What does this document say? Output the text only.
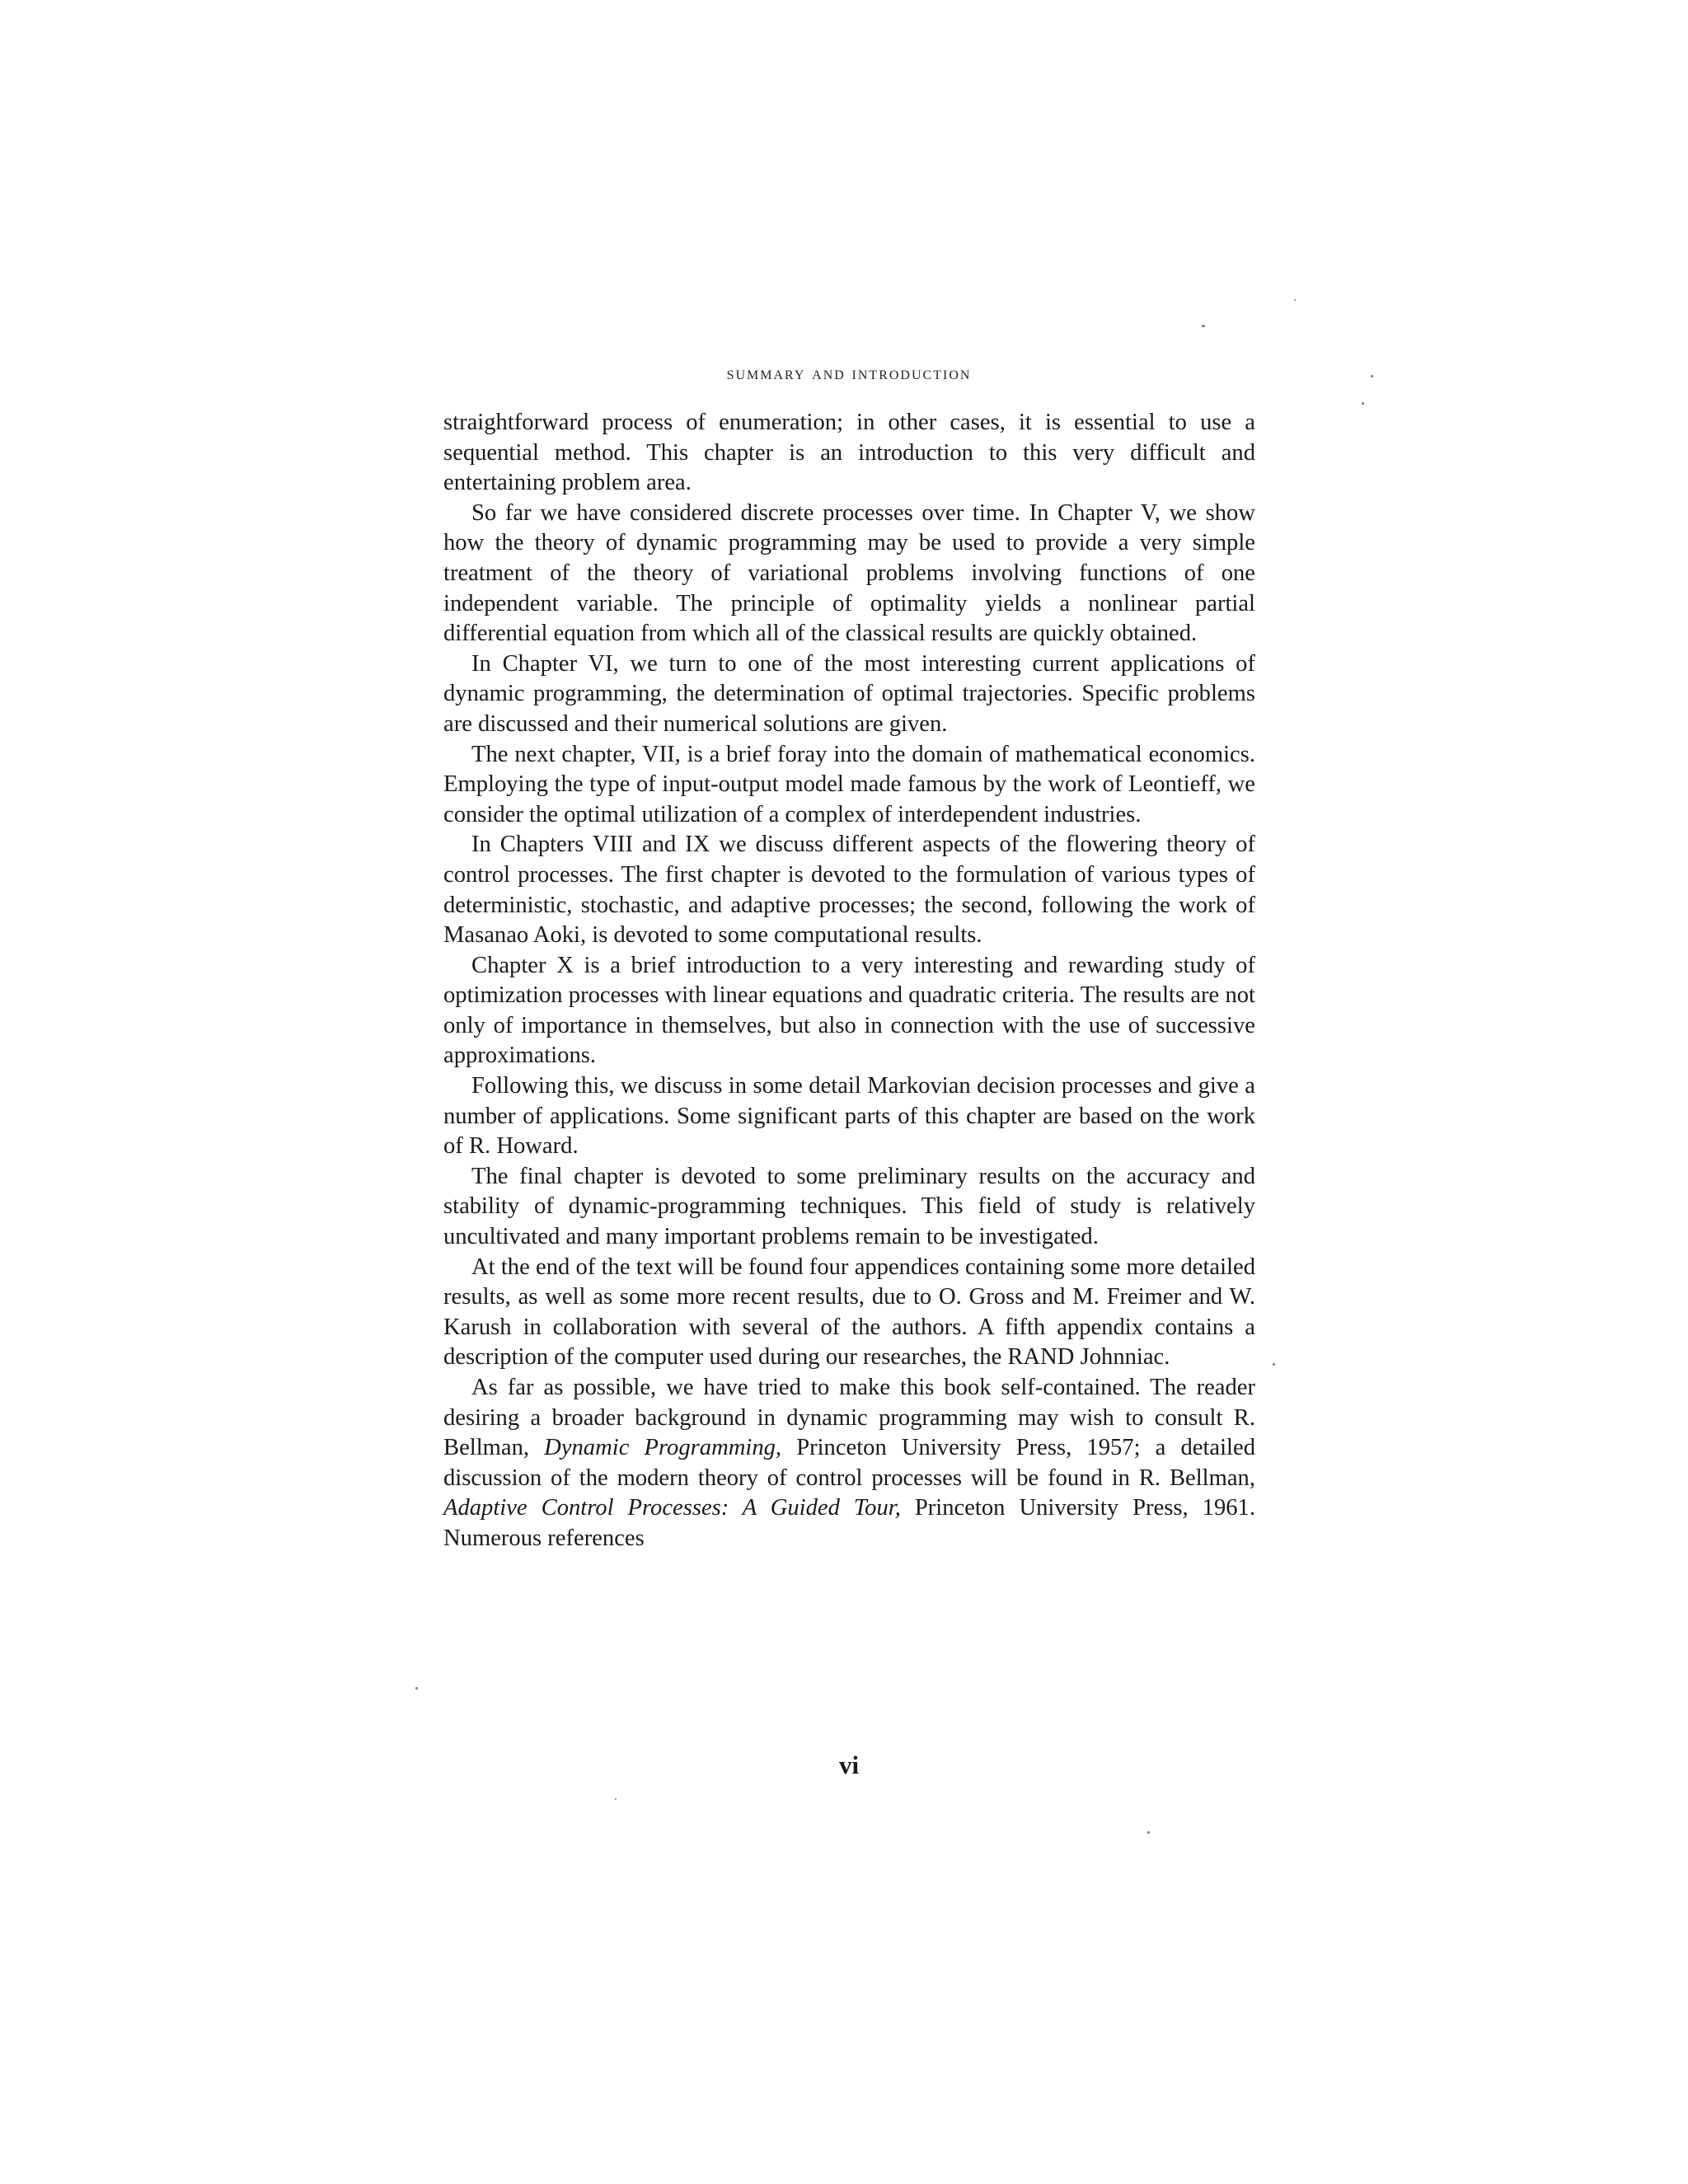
summary and introduction

straightforward process of enumeration; in other cases, it is essential to use a sequential method. This chapter is an introduction to this very difficult and entertaining problem area.

So far we have considered discrete processes over time. In Chapter V, we show how the theory of dynamic programming may be used to provide a very simple treatment of the theory of variational problems involving functions of one independent variable. The principle of optimality yields a nonlinear partial differential equation from which all of the classical results are quickly obtained.

In Chapter VI, we turn to one of the most interesting current applications of dynamic programming, the determination of optimal trajectories. Specific problems are discussed and their numerical solutions are given.

The next chapter, VII, is a brief foray into the domain of mathematical economics. Employing the type of input-output model made famous by the work of Leontieff, we consider the optimal utilization of a complex of interdependent industries.

In Chapters VIII and IX we discuss different aspects of the flowering theory of control processes. The first chapter is devoted to the formulation of various types of deterministic, stochastic, and adaptive processes; the second, following the work of Masanao Aoki, is devoted to some computational results.

Chapter X is a brief introduction to a very interesting and rewarding study of optimization processes with linear equations and quadratic criteria. The results are not only of importance in themselves, but also in connection with the use of successive approximations.

Following this, we discuss in some detail Markovian decision processes and give a number of applications. Some significant parts of this chapter are based on the work of R. Howard.

The final chapter is devoted to some preliminary results on the accuracy and stability of dynamic-programming techniques. This field of study is relatively uncultivated and many important problems remain to be investigated.

At the end of the text will be found four appendices containing some more detailed results, as well as some more recent results, due to O. Gross and M. Freimer and W. Karush in collaboration with several of the authors. A fifth appendix contains a description of the computer used during our researches, the RAND Johnniac.

As far as possible, we have tried to make this book self-contained. The reader desiring a broader background in dynamic programming may wish to consult R. Bellman, Dynamic Programming, Princeton University Press, 1957; a detailed discussion of the modern theory of control processes will be found in R. Bellman, Adaptive Control Processes: A Guided Tour, Princeton University Press, 1961. Numerous references

vi
